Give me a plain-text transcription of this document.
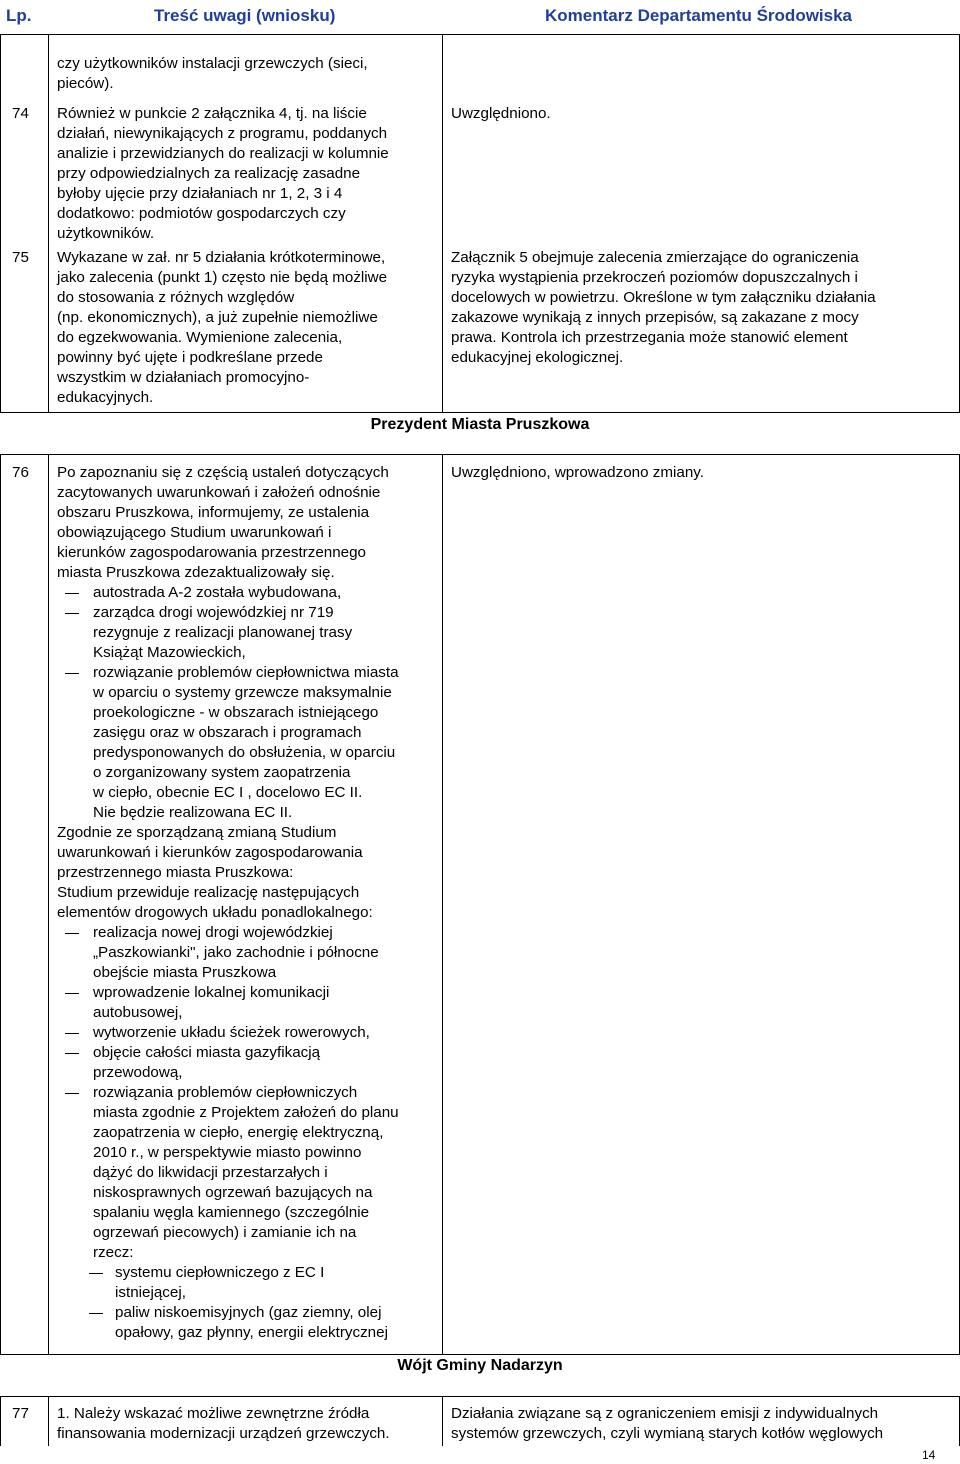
Lp.	Treść uwagi (wniosku)	Komentarz Departamentu Środowiska
czy użytkowników instalacji grzewczych (sieci,
pieców).
74 Również w punkcie 2 załącznika 4, tj. na liście
działań, niewynikających z programu, poddanych
analizie i przewidzianych do realizacji w kolumnie
przy odpowiedzialnych za realizację zasadne
byłoby ujęcie przy działaniach nr 1, 2, 3 i 4
dodatkowo: podmiotów gospodarczych czy
użytkowników.
Uwzględniono.
75 Wykazane w zał. nr 5 działania krótkoterminowe,
jako zalecenia (punkt 1) często nie będą możliwe
do stosowania z różnych względów
(np. ekonomicznych), a już zupełnie niemożliwe
do egzekwowania. Wymienione zalecenia,
powinny być ujęte i podkreślane przede
wszystkim w działaniach promocyjno-
edukacyjnych.
Załącznik 5 obejmuje zalecenia zmierzające do ograniczenia
ryzyka wystąpienia przekroczeń poziomów dopuszczalnych i
docelowych w powietrzu. Określone w tym załączniku działania
zakazowe wynikają z innych przepisów, są zakazane z mocy
prawa. Kontrola ich przestrzegania może stanowić element
edukacyjnej ekologicznej.
Prezydent Miasta Pruszkowa
76 Po zapoznaniu się z częścią ustaleń dotyczących
zacytowanych uwarunkowań i założeń odnośnie
obszaru Pruszkowa, informujemy, ze ustalenia
obowiązującego Studium uwarunkowań i
kierunków zagospodarowania przestrzennego
miasta Pruszkowa zdezaktualizowały się.
autostrada A-2 została wybudowana,
zarządca drogi wojewódzkiej nr 719
rezygnuje z realizacji planowanej trasy
Książąt Mazowieckich,
rozwiązanie problemów ciepłownictwa miasta
w oparciu o systemy grzewcze maksymalnie
proekologiczne - w obszarach istniejącego
zasięgu oraz w obszarach i programach
predysponowanych do obsłużenia, w oparciu
o zorganizowany system zaopatrzenia
w ciepło, obecnie EC I , docelowo EC II.
Nie będzie realizowana EC II.
Zgodnie ze sporządzaną zmianą Studium
uwarunkowań i kierunków zagospodarowania
przestrzennego miasta Pruszkowa:
Studium przewiduje realizację następujących
elementów drogowych układu ponadlokalnego:
realizacja nowej drogi wojewódzkiej
„Paszkowianki", jako zachodnie i północne
obejście miasta Pruszkowa
wprowadzenie lokalnej komunikacji
autobusowej,
wytworzenie układu ścieżek rowerowych,
objęcie całości miasta gazyfikacją
przewodową,
rozwiązania problemów ciepłowniczych
miasta zgodnie z Projektem założeń do planu
zaopatrzenia w ciepło, energię elektryczną,
2010 r., w perspektywie miasto powinno
dążyć do likwidacji przestarzałych i
niskosprawnych ogrzewań bazujących na
spalaniu węgla kamiennego (szczególnie
ogrzewań piecowych) i zamianie ich na
rzecz:
systemu ciepłowniczego z EC I
istniejącej,
paliw niskoemisyjnych (gaz ziemny, olej
opałowy, gaz płynny, energii elektrycznej
Uwzględniono, wprowadzono zmiany.
Wójt Gminy Nadarzyn
77 1. Należy wskazać możliwe zewnętrzne źródła
finansowania modernizacji urządzeń grzewczych.
Działania związane są z ograniczeniem emisji z indywidualnych
systemów grzewczych, czyli wymianą starych kotłów węglowych
14
